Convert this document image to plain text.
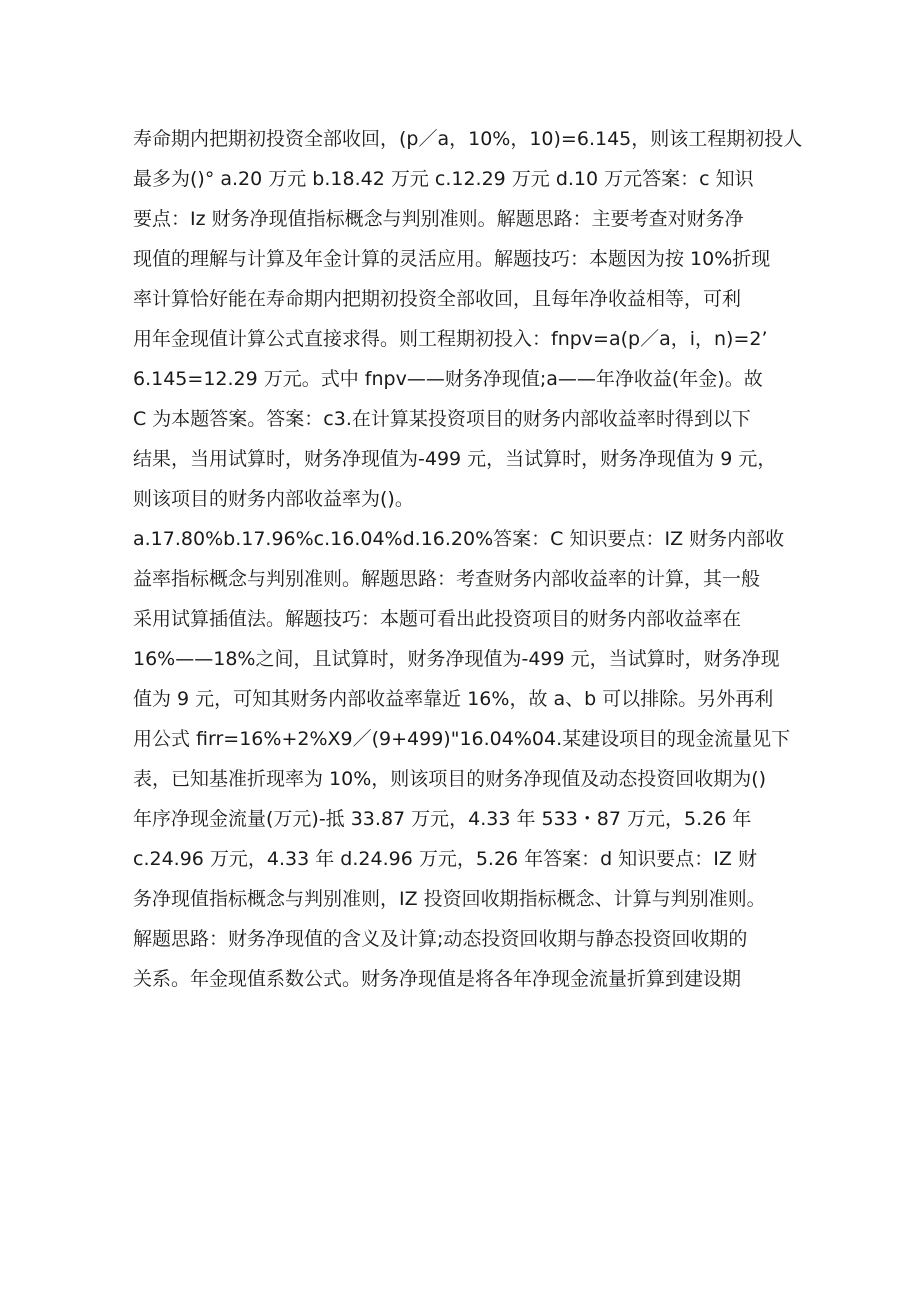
寿命期内把期初投资全部收回，(p／a，10%，10)=6.145，则该工程期初投人
最多为()° a.20 万元 b.18.42 万元 c.12.29 万元 d.10 万元答案：c 知识
要点：Iz 财务净现值指标概念与判别准则。解题思路：主要考查对财务净
现值的理解与计算及年金计算的灵活应用。解题技巧：本题因为按 10%折现
率计算恰好能在寿命期内把期初投资全部收回，且每年净收益相等，可利
用年金现值计算公式直接求得。则工程期初投入：fnpv=a(p／a，i，n)=2’
6.145=12.29 万元。式中 fnpv——财务净现值;a——年净收益(年金)。故
C 为本题答案。答案：c3.在计算某投资项目的财务内部收益率时得到以下
结果，当用试算时，财务净现值为-499 元，当试算时，财务净现值为 9 元，
则该项目的财务内部收益率为()。
a.17.80%b.17.96%c.16.04%d.16.20%答案：C 知识要点：IZ 财务内部收
益率指标概念与判别准则。解题思路：考查财务内部收益率的计算，其一般
采用试算插值法。解题技巧：本题可看出此投资项目的财务内部收益率在
16%——18%之间，且试算时，财务净现值为-499 元，当试算时，财务净现
值为 9 元，可知其财务内部收益率靠近 16%，故 a、b 可以排除。另外再利
用公式 firr=16%+2%X9／(9+499)"16.04%04.某建设项目的现金流量见下
表，已知基准折现率为 10%，则该项目的财务净现值及动态投资回收期为()
年序净现金流量(万元)-抵 33.87 万元，4.33 年 533・87 万元，5.26 年
c.24.96 万元，4.33 年 d.24.96 万元，5.26 年答案：d 知识要点：IZ 财
务净现值指标概念与判别准则，IZ 投资回收期指标概念、计算与判别准则。
解题思路：财务净现值的含义及计算;动态投资回收期与静态投资回收期的
关系。年金现值系数公式。财务净现值是将各年净现金流量折算到建设期
